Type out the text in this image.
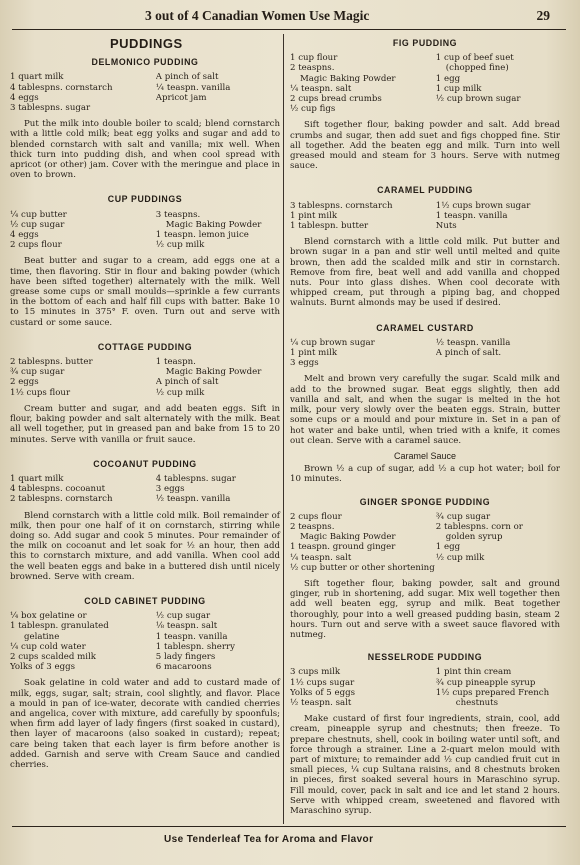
3 out of 4 Canadian Women Use Magic	29
PUDDINGS
DELMONICO PUDDING
1 quart milk	A pinch of salt
4 tablespns. cornstarch	¼ teaspn. vanilla
4 eggs	Apricot jam
3 tablespns. sugar

Put the milk into double boiler to scald; blend cornstarch with a little cold milk; beat egg yolks and sugar and add to blended cornstarch with salt and vanilla; mix well. When thick turn into pudding dish, and when cool spread with apricot (or other) jam. Cover with the meringue and place in oven to brown.

CUP PUDDINGS
¼ cup butter	3 teaspns.
½ cup sugar	Magic Baking Powder
4 eggs	1 teaspn. lemon juice
2 cups flour	½ cup milk

Beat butter and sugar to a cream, add eggs one at a time, then flavoring. Stir in flour and baking powder (which have been sifted together) alternately with the milk. Well grease some cups or small moulds—sprinkle a few currants in the bottom of each and half fill cups with batter. Bake 10 to 15 minutes in 375° F. oven. Turn out and serve with custard or some sauce.

COTTAGE PUDDING
2 tablespns. butter	1 teaspn.
¾ cup sugar	Magic Baking Powder
2 eggs	A pinch of salt
1½ cups flour	½ cup milk

Cream butter and sugar, and add beaten eggs. Sift in flour, baking powder and salt alternately with the milk. Beat all well together, put in greased pan and bake from 15 to 20 minutes. Serve with vanilla or fruit sauce.

COCOANUT PUDDING
1 quart milk	4 tablespns. sugar
4 tablespns. cocoanut	3 eggs
2 tablespns. cornstarch	½ teaspn. vanilla

Blend cornstarch with a little cold milk. Boil remainder of milk, then pour one half of it on cornstarch, stirring while doing so. Add sugar and cook 5 minutes. Pour remainder of the milk on cocoanut and let soak for ½ an hour, then add this to cornstarch mixture, and add vanilla. When cool add the well beaten eggs and bake in a buttered dish until nicely browned. Serve with cream.

COLD CABINET PUDDING
¼ box gelatine or	½ cup sugar
1 tablespn. granulated	⅛ teaspn. salt
gelatine	1 teaspn. vanilla
¼ cup cold water	1 tablespn. sherry
2 cups scalded milk	5 lady fingers
Yolks of 3 eggs	6 macaroons

Soak gelatine in cold water and add to custard made of milk, eggs, sugar, salt; strain, cool slightly, and flavor. Place a mould in pan of ice-water, decorate with candied cherries and angelica, cover with mixture, add carefully by spoonfuls; when firm add layer of lady fingers (first soaked in custard), then layer of macaroons (also soaked in custard); repeat; care being taken that each layer is firm before another is added. Garnish and serve with Cream Sauce and candied cherries.

FIG PUDDING
1 cup flour	1 cup of beef suet
2 teaspns.	(chopped fine)
Magic Baking Powder	1 egg
¼ teaspn. salt	1 cup milk
2 cups bread crumbs	½ cup brown sugar
½ cup figs

Sift together flour, baking powder and salt. Add bread crumbs and sugar, then add suet and figs chopped fine. Stir all together. Add the beaten egg and milk. Turn into well greased mould and steam for 3 hours. Serve with nutmeg sauce.

CARAMEL PUDDING
3 tablespns. cornstarch	1½ cups brown sugar
1 pint milk	1 teaspn. vanilla
1 tablespn. butter	Nuts

Blend cornstarch with a little cold milk. Put butter and brown sugar in a pan and stir well until melted and quite brown, then add the scalded milk and stir in cornstarch. Remove from fire, beat well and add vanilla and chopped nuts. Pour into glass dishes. When cool decorate with whipped cream, put through a piping bag, and chopped walnuts. Burnt almonds may be used if desired.

CARAMEL CUSTARD
¼ cup brown sugar	½ teaspn. vanilla
1 pint milk	A pinch of salt.
3 eggs

Melt and brown very carefully the sugar. Scald milk and add to the browned sugar. Beat eggs slightly, then add vanilla and salt, and when the sugar is melted in the hot milk, pour very slowly over the beaten eggs. Strain, butter some cups or a mould and pour mixture in. Set in a pan of hot water and bake until, when tried with a knife, it comes out clean. Serve with a caramel sauce.

Caramel Sauce

Brown ½ a cup of sugar, add ½ a cup hot water; boil for 10 minutes.

GINGER SPONGE PUDDING
2 cups flour	¾ cup sugar
2 teaspns.	2 tablespns. corn or
Magic Baking Powder	golden syrup
1 teaspn. ground ginger	1 egg
¼ teaspn. salt	½ cup milk
½ cup butter or other shortening

Sift together flour, baking powder, salt and ground ginger, rub in shortening, add sugar. Mix well together then add well beaten egg, syrup and milk. Beat together thoroughly, pour into a well greased pudding basin, steam 2 hours. Turn out and serve with a sweet sauce flavored with nutmeg.

NESSELRODE PUDDING
3 cups milk	1 pint thin cream
1½ cups sugar	¾ cup pineapple syrup
Yolks of 5 eggs	1½ cups prepared French
½ teaspn. salt	chestnuts

Make custard of first four ingredients, strain, cool, add cream, pineapple syrup and chestnuts; then freeze. To prepare chestnuts, shell, cook in boiling water until soft, and force through a strainer. Line a 2-quart melon mould with part of mixture; to remainder add ½ cup candied fruit cut in small pieces, ¼ cup Sultana raisins, and 8 chestnuts broken in pieces, first soaked several hours in Maraschino syrup. Fill mould, cover, pack in salt and ice and let stand 2 hours. Serve with whipped cream, sweetened and flavored with Maraschino syrup.

Use Tenderleaf Tea for Aroma and Flavor
